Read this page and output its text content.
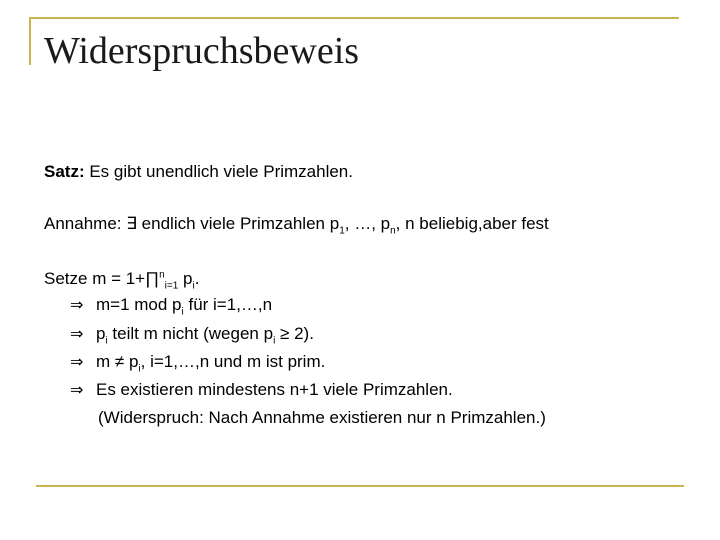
Widerspruchsbeweis
Satz: Es gibt unendlich viele Primzahlen.
Annahme: ∃ endlich viele Primzahlen $p_1$, …, $p_n$, n beliebig,aber fest
Setze m = 1+∏$^n_{i=1}$ $p_i$.
⇒ m=1 mod $p_i$ für i=1,…,n
⇒ $p_i$ teilt m nicht (wegen $p_i \ge 2$).
⇒ $m \ne p_i$, i=1,…,n und m ist prim.
⇒ Es existieren mindestens n+1 viele Primzahlen.
(Widerspruch: Nach Annahme existieren nur n Primzahlen.)
